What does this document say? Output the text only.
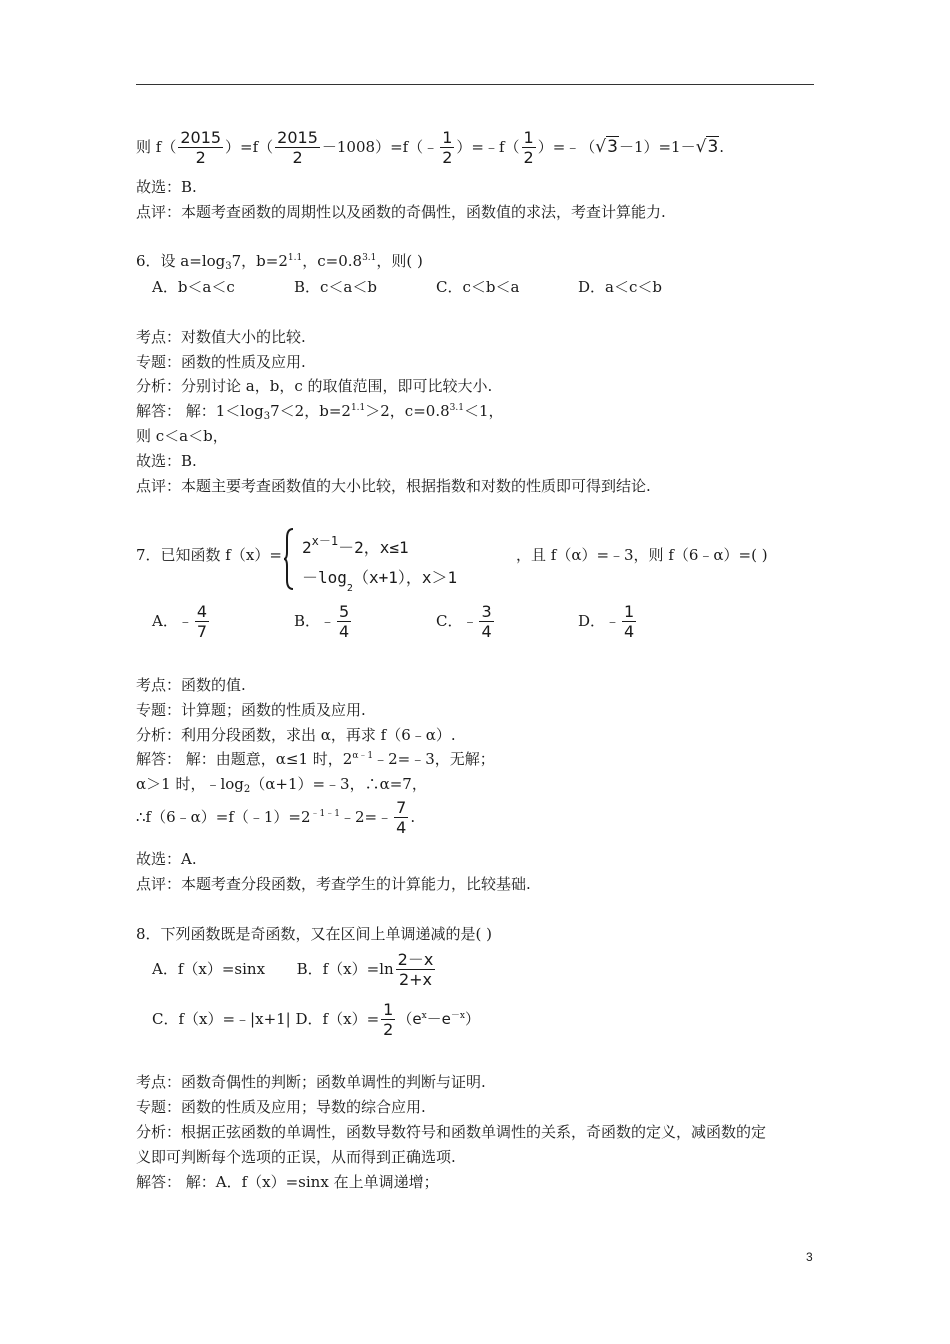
则 $f( \frac{2015}{2} )=f( \frac{2015}{2}$ －1008）=f（﹣ $\frac{1}{2}$ ）=﹣f（ $\frac{1}{2}$ ）=﹣（√3－1）=1－√3.
故选：B.
点评：本题考查函数的周期性以及函数的奇偶性，函数值的求法，考查计算能力.
6．设 $a=\log_37$，$b=2^{1.1}$，$c=0.8^{3.1}$，则( )
A．b＜a＜c	B．c＜a＜b	C．c＜b＜a	D．a＜c＜b
考点：对数值大小的比较.
专题：函数的性质及应用.
分析：分别讨论 a，b，c 的取值范围，即可比较大小.
解答： 解：$1<\log_37<2$，$b=2^{1.1}>2$，$c=0.8^{3.1}<1$，
则 c＜a＜b，
故选：B.
点评：本题主要考查函数值的大小比较，根据指数和对数的性质即可得到结论.
7．已知函数 $f(x)= 2^{x-1}-2$，x≤1
$-\log_2(x+1)$，x＞1
，且 f（α）=﹣3，则 f（6﹣α）=( )
A．﹣ $\frac{4}{7}$	B．﹣ $\frac{5}{4}$	C．﹣ $\frac{3}{4}$	D．﹣ $\frac{1}{4}$
考点：函数的值.
专题：计算题；函数的性质及应用.
分析：利用分段函数，求出 α，再求 f（6﹣α）.
解答： 解：由题意，α≤1 时，$2^{\alpha﹣1}﹣2=﹣3$，无解；
α＞1 时，$﹣\log_2(\alpha+1)=﹣3$，∴α=7，
$\therefore f(6﹣\alpha)=f(﹣1)=2^{﹣1﹣1}﹣2=﹣ \frac{7}{4}$ .
故选：A.
点评：本题考查分段函数，考查学生的计算能力，比较基础.
8．下列函数既是奇函数，又在区间上单调递减的是( )
A．f（x）=sinx B．$f(x)=\ln \frac{2-x}{2+x}$
C．f（x）=﹣|x+1| D．$f(x)= \frac{1}{2} (e^x-e^{-x})$
考点：函数奇偶性的判断；函数单调性的判断与证明.
专题：函数的性质及应用；导数的综合应用.
分析：根据正弦函数的单调性，函数导数符号和函数单调性的关系，奇函数的定义，减函数的定
义即可判断每个选项的正误，从而得到正确选项.
解答： 解：A．f（x）=sinx 在上单调递增；
3
